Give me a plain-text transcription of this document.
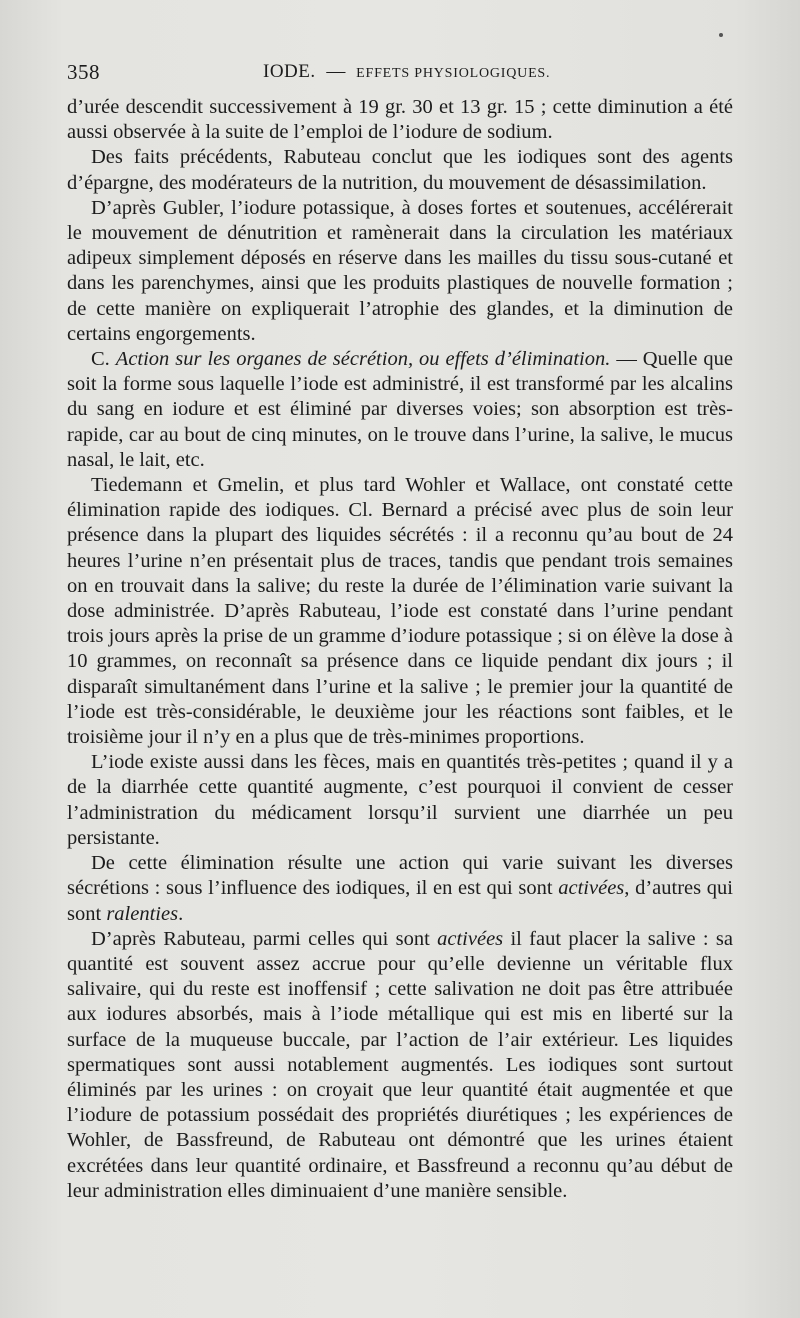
358	IODE. — EFFETS PHYSIOLOGIQUES.

d’urée descendit successivement à 19 gr. 30 et 13 gr. 15 ; cette diminution a été aussi observée à la suite de l’emploi de l’iodure de sodium.

Des faits précédents, Rabuteau conclut que les iodiques sont des agents d’épargne, des modérateurs de la nutrition, du mouvement de désassimilation.

D’après Gubler, l’iodure potassique, à doses fortes et soutenues, accélérerait le mouvement de dénutrition et ramènerait dans la circulation les matériaux adipeux simplement déposés en réserve dans les mailles du tissu sous-cutané et dans les parenchymes, ainsi que les produits plastiques de nouvelle formation ; de cette manière on expliquerait l’atrophie des glandes, et la diminution de certains engorgements.

C. Action sur les organes de sécrétion, ou effets d’élimination. — Quelle que soit la forme sous laquelle l’iode est administré, il est transformé par les alcalins du sang en iodure et est éliminé par diverses voies; son absorption est très-rapide, car au bout de cinq minutes, on le trouve dans l’urine, la salive, le mucus nasal, le lait, etc.

Tiedemann et Gmelin, et plus tard Wohler et Wallace, ont constaté cette élimination rapide des iodiques. Cl. Bernard a précisé avec plus de soin leur présence dans la plupart des liquides sécrétés : il a reconnu qu’au bout de 24 heures l’urine n’en présentait plus de traces, tandis que pendant trois semaines on en trouvait dans la salive; du reste la durée de l’élimination varie suivant la dose administrée. D’après Rabuteau, l’iode est constaté dans l’urine pendant trois jours après la prise de un gramme d’iodure potassique ; si on élève la dose à 10 grammes, on reconnaît sa présence dans ce liquide pendant dix jours ; il disparaît simultanément dans l’urine et la salive ; le premier jour la quantité de l’iode est très-considérable, le deuxième jour les réactions sont faibles, et le troisième jour il n’y en a plus que de très-minimes proportions.

L’iode existe aussi dans les fèces, mais en quantités très-petites ; quand il y a de la diarrhée cette quantité augmente, c’est pourquoi il convient de cesser l’administration du médicament lorsqu’il survient une diarrhée un peu persistante.

De cette élimination résulte une action qui varie suivant les diverses sécrétions : sous l’influence des iodiques, il en est qui sont activées, d’autres qui sont ralenties.

D’après Rabuteau, parmi celles qui sont activées il faut placer la salive : sa quantité est souvent assez accrue pour qu’elle devienne un véritable flux salivaire, qui du reste est inoffensif ; cette salivation ne doit pas être attribuée aux iodures absorbés, mais à l’iode métallique qui est mis en liberté sur la surface de la muqueuse buccale, par l’action de l’air extérieur. Les liquides spermatiques sont aussi notablement augmentés. Les iodiques sont surtout éliminés par les urines : on croyait que leur quantité était augmentée et que l’iodure de potassium possédait des propriétés diurétiques ; les expériences de Wohler, de Bassfreund, de Rabuteau ont démontré que les urines étaient excrétées dans leur quantité ordinaire, et Bassfreund a reconnu qu’au début de leur administration elles diminuaient d’une manière sensible.
